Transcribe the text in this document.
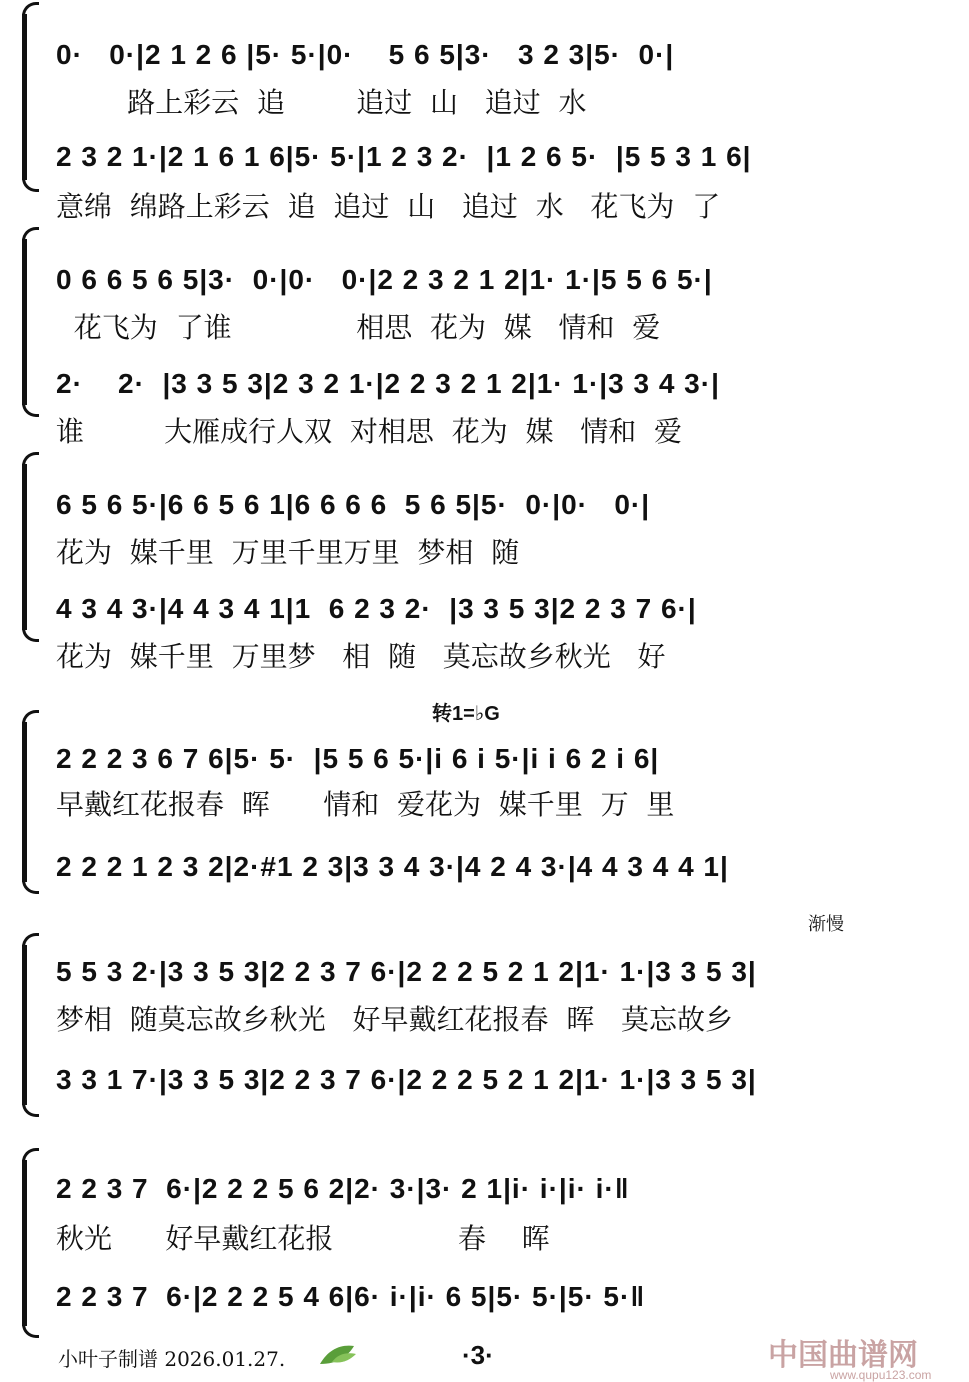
0·   0·|2 1 2 6 |5· 5·|0·    5 6 5|3·   3 2 3|5·  0·|
路上彩云  追        追过  山   追过  水
2 3 2 1·|2 1 6 1 6|5· 5·|1 2 3 2·  |1 2 6 5·  |5 5 3 1 6|
意绵  绵路上彩云  追  追过  山   追过  水   花飞为  了
0 6 6 5 6 5|3·  0·|0·   0·|2 2 3 2 1 2|1· 1·|5 5 6 5·|
花飞为  了谁              相思  花为  媒   情和  爱
2·    2·  |3 3 5 3|2 3 2 1·|2 2 3 2 1 2|1· 1·|3 3 4 3·|
谁         大雁成行人双  对相思  花为  媒   情和  爱
6 5 6 5·|6 6 5 6 1|6 6 6 6  5 6 5|5·  0·|0·   0·|
花为  媒千里  万里千里万里  梦相  随
4 3 4 3·|4 4 3 4 1|1  6 2 3 2·  |3 3 5 3|2 2 3 7 6·|
花为  媒千里  万里梦   相  随   莫忘故乡秋光   好
转1=♭G
2 2 2 3 6 7 6|5· 5·  |5 5 6 5·|i 6 i 5·|i i 6 2 i 6|
早戴红花报春  晖      情和  爱花为  媒千里  万  里
2 2 2 1 2 3 2|2·#1 2 3|3 3 4 3·|4 2 4 3·|4 4 3 4 4 1|
渐慢
5 5 3 2·|3 3 5 3|2 2 3 7 6·|2 2 2 5 2 1 2|1· 1·|3 3 5 3|
梦相  随莫忘故乡秋光   好早戴红花报春  晖   莫忘故乡
3 3 1 7·|3 3 5 3|2 2 3 7 6·|2 2 2 5 2 1 2|1· 1·|3 3 5 3|
2 2 3 7  6·|2 2 2 5 6 2|2· 3·|3· 2 1|i· i·|i· i·‖
秋光      好早戴红花报              春    晖
2 2 3 7  6·|2 2 2 5 4 6|6· i·|i· 6 5|5· 5·|5· 5·‖
小叶子制谱 2026.01.27.	·3·	中国曲谱网
www.qupu123.com
